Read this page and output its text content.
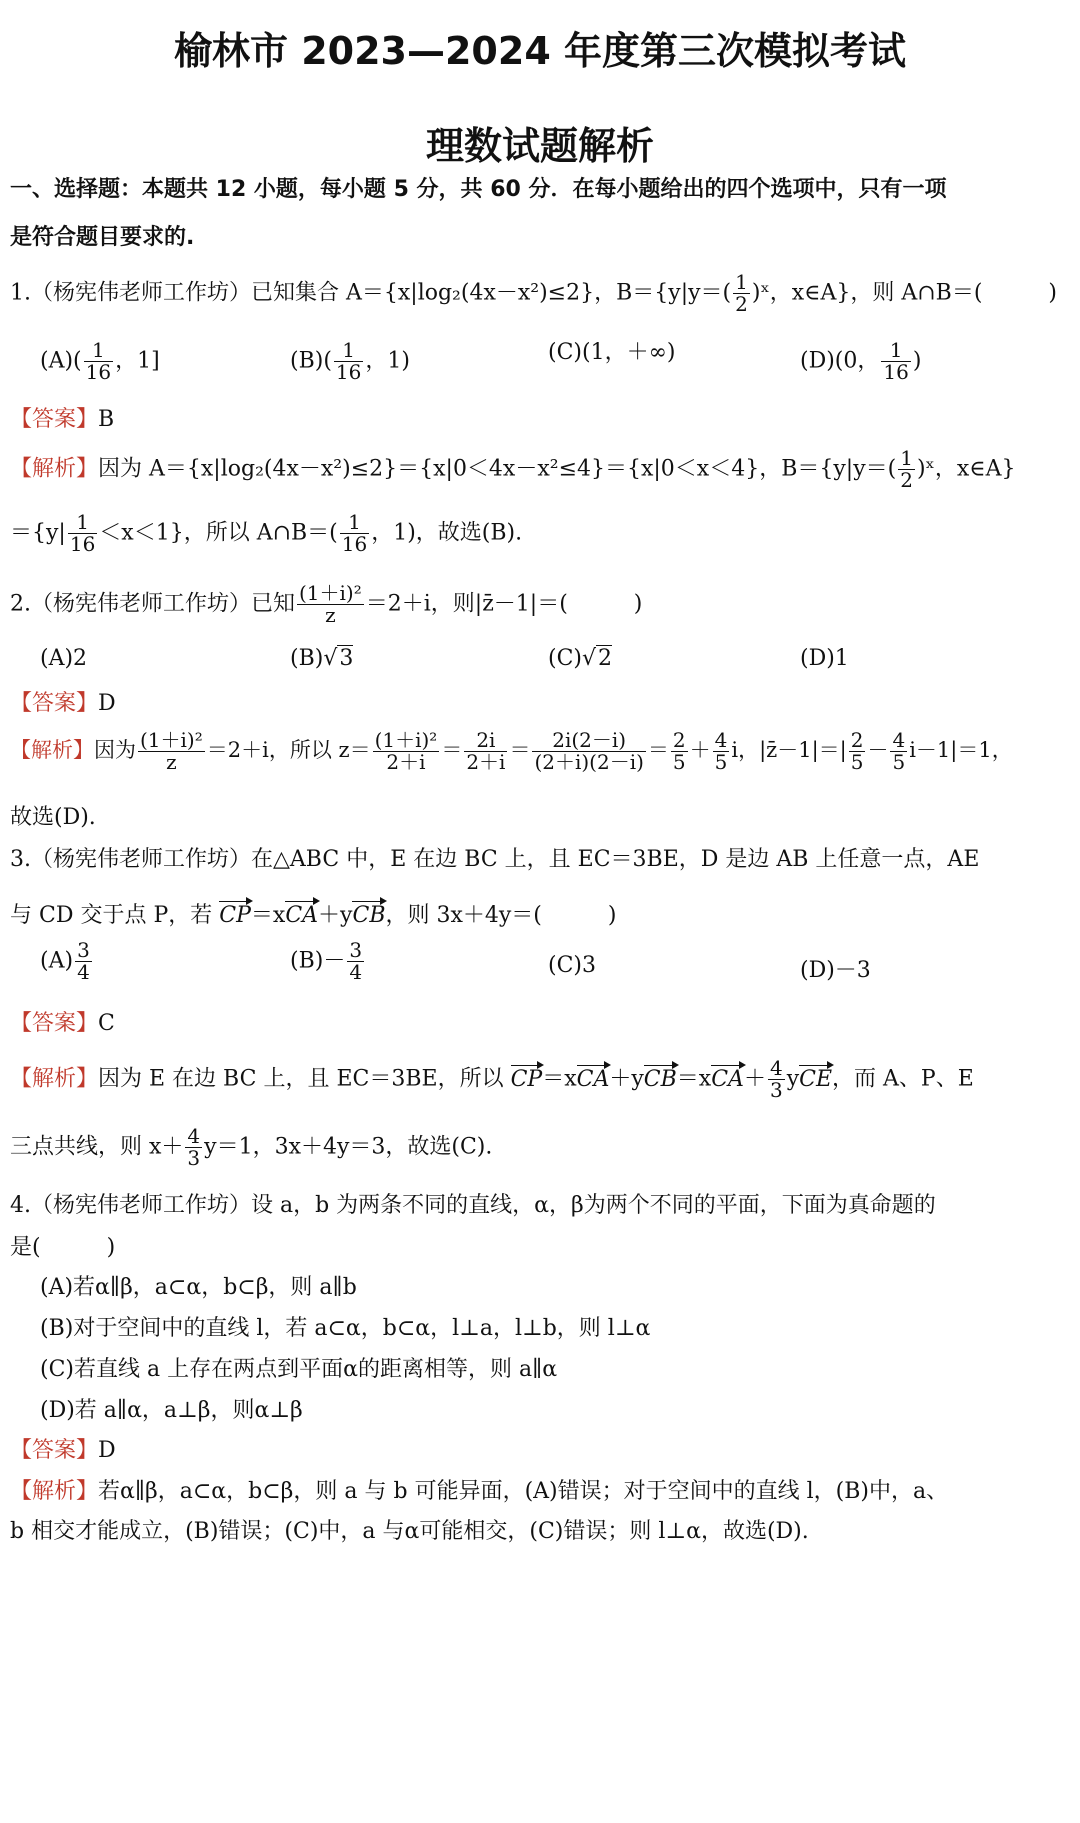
榆林市 2023—2024 年度第三次模拟考试
理数试题解析
一、选择题：本题共 12 小题，每小题 5 分，共 60 分．在每小题给出的四个选项中，只有一项
是符合题目要求的.
1.（杨宪伟老师工作坊）已知集合 A＝{x|log₂(4x－x²)≤2}，$B=\{y|y=( \frac{1}{2}$ )ˣ，x∈A}，则 A∩B＝(　　　)
$(A)( \frac{1}{16}$ ，1]	$(B)( \frac{1}{16}$ ，1)	(C)(1，＋∞)	(D)(0， $\frac{1}{16}$ )
【答案】B
【解析】因为 A＝{x|log₂(4x－x²)≤2}＝{x|0＜4x－x²≤4}＝{x|0＜x＜4}，$B=\{y|y=( \frac{1}{2}$ )ˣ，x∈A}
$=\{y| \frac{1}{16} <x<1\}$，所以 A∩B＝( $\frac{1}{16}$ ，1)，故选(B).
2.（杨宪伟老师工作坊）已知 $\frac{\text{(1＋i)²}}{z} =2+i$，则|z̄－1|＝(　　　)
(A)2	(B)√3	(C)√2	(D)1
【答案】D
【解析】因为 $\frac{\text{(1＋i)²}}{z} =2+i$，所以 $z= \frac{\text{(1＋i)²}}{2+i} = \frac{2i}{2+i} = \frac{2i(2-i)}{(2+i)(2-i)} = \frac{2}{5} + \frac{4}{5}$ i，|z̄－1|＝| $\frac{2}{5} - \frac{4}{5} i-1|=1$，
故选(D).
3.（杨宪伟老师工作坊）在△ABC 中，E 在边 BC 上，且 EC＝3BE，D 是边 AB 上任意一点，AE
与 CD 交于点 P，若 CP＝xCA＋yCB，则 3x＋4y＝(　　　)
$(A) \frac{3}{4}$	$(B)- \frac{3}{4}$	(C)3	(D)－3
【答案】C
【解析】因为 E 在边 BC 上，且 EC＝3BE，所以 $CP=xCA+yCB=xCA+ \frac{4}{3}$ yCE，而 A、P、E
三点共线，则 $x+ \frac{4}{3} y=1$，3x＋4y＝3，故选(C).
4.（杨宪伟老师工作坊）设 a，b 为两条不同的直线，α，β为两个不同的平面，下面为真命题的
是(　　　)
(A)若α∥β，a⊂α，b⊂β，则 a∥b
(B)对于空间中的直线 l，若 a⊂α，b⊂α，l⊥a，l⊥b，则 l⊥α
(C)若直线 a 上存在两点到平面α的距离相等，则 a∥α
(D)若 a∥α，a⊥β，则α⊥β
【答案】D
【解析】若α∥β，a⊂α，b⊂β，则 a 与 b 可能异面，(A)错误；对于空间中的直线 l，(B)中，a、
b 相交才能成立，(B)错误；(C)中，a 与α可能相交，(C)错误；则 l⊥α，故选(D).
